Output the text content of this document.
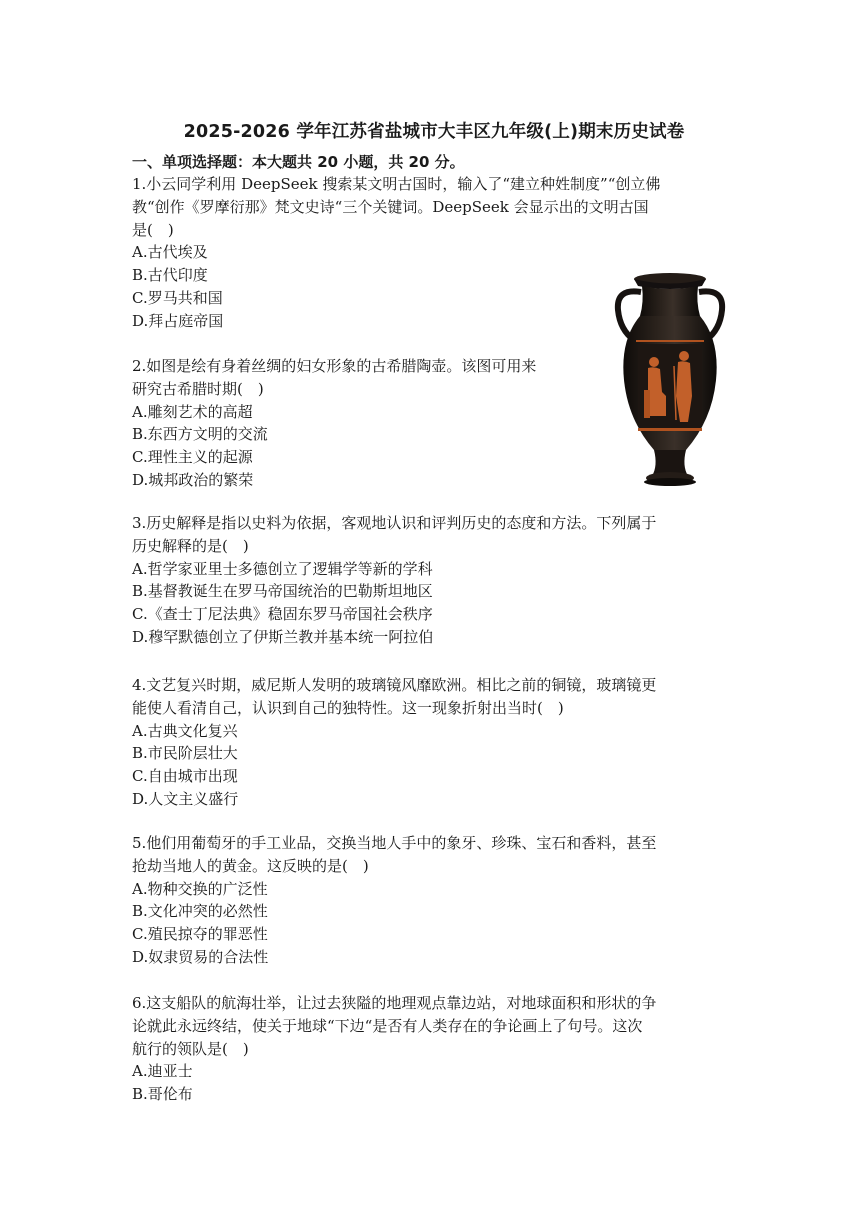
2025-2026 学年江苏省盐城市大丰区九年级(上)期末历史试卷
一、单项选择题：本大题共 20 小题，共 20 分。
1.小云同学利用 DeepSeek 搜索某文明古国时，输入了“建立种姓制度”“创立佛
教“创作《罗摩衍那》梵文史诗“三个关键词。DeepSeek 会显示出的文明古国
是(　)
A.古代埃及
B.古代印度
C.罗马共和国
D.拜占庭帝国
2.如图是绘有身着丝绸的妇女形象的古希腊陶壶。该图可用来
研究古希腊时期(　)
A.雕刻艺术的高超
B.东西方文明的交流
C.理性主义的起源
D.城邦政治的繁荣
3.历史解释是指以史料为依据，客观地认识和评判历史的态度和方法。下列属于
历史解释的是(　)
A.哲学家亚里士多德创立了逻辑学等新的学科
B.基督教诞生在罗马帝国统治的巴勒斯坦地区
C.《查士丁尼法典》稳固东罗马帝国社会秩序
D.穆罕默德创立了伊斯兰教并基本统一阿拉伯
4.文艺复兴时期，威尼斯人发明的玻璃镜风靡欧洲。相比之前的铜镜，玻璃镜更
能使人看清自己，认识到自己的独特性。这一现象折射出当时(　)
A.古典文化复兴
B.市民阶层壮大
C.自由城市出现
D.人文主义盛行
5.他们用葡萄牙的手工业品，交换当地人手中的象牙、珍珠、宝石和香料，甚至
抢劫当地人的黄金。这反映的是(　)
A.物种交换的广泛性
B.文化冲突的必然性
C.殖民掠夺的罪恶性
D.奴隶贸易的合法性
6.这支船队的航海壮举，让过去狭隘的地理观点靠边站，对地球面积和形状的争
论就此永远终结，使关于地球“下边“是否有人类存在的争论画上了句号。这次
航行的领队是(　)
A.迪亚士
B.哥伦布
